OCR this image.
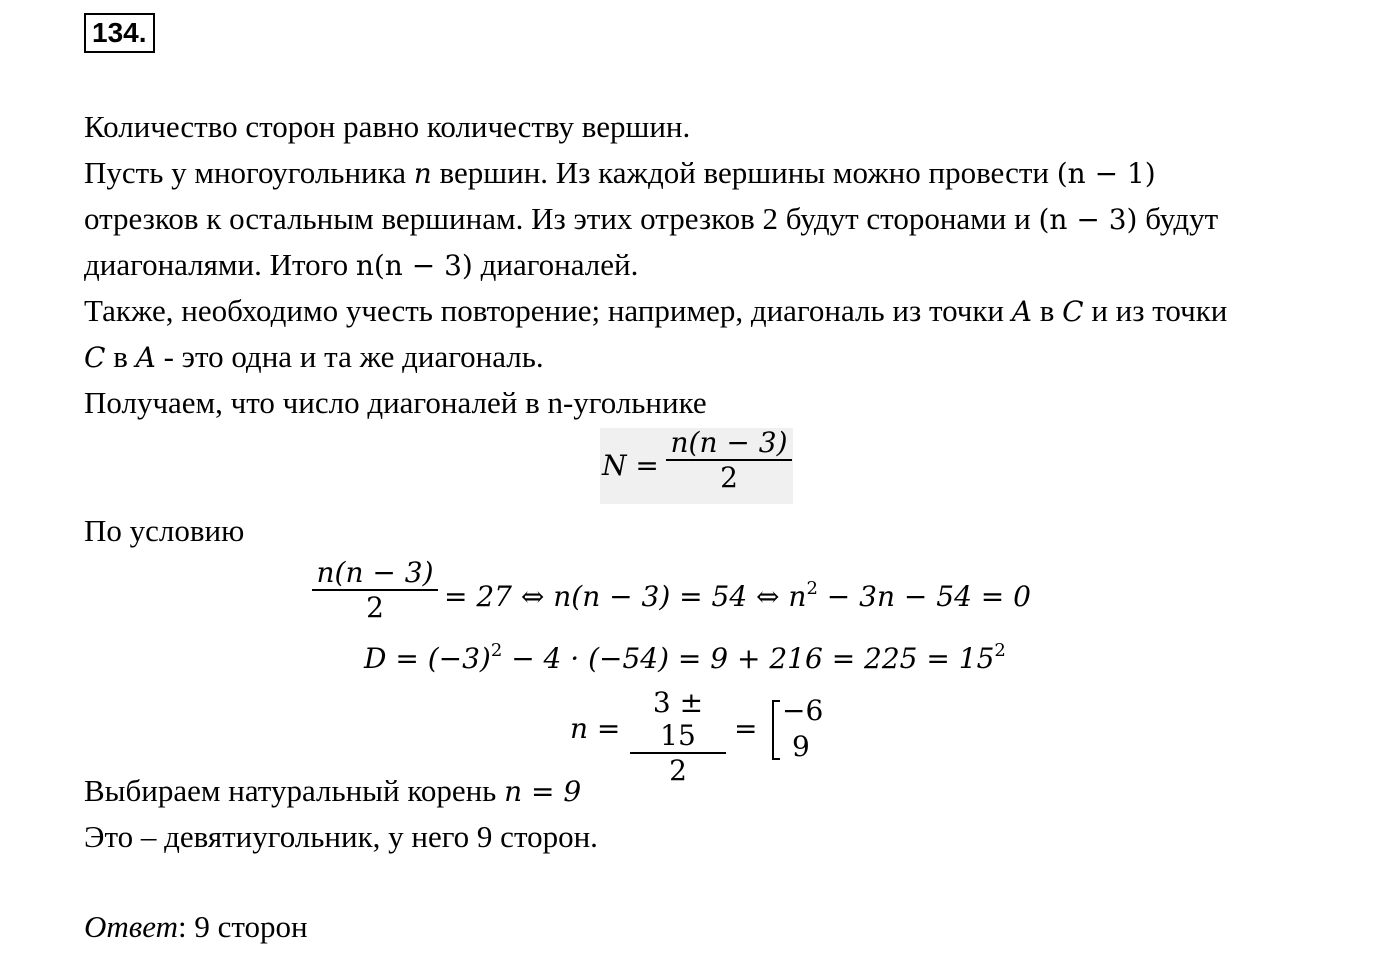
134.
Количество сторон равно количеству вершин.
Пусть у многоугольника n вершин. Из каждой вершины можно провести (n − 1)
отрезков к остальным вершинам. Из этих отрезков 2 будут сторонами и (n − 3) будут
диагоналями. Итого n(n − 3) диагоналей.
Также, необходимо учесть повторение; например, диагональ из точки A в C и из точки
C в A - это одна и та же диагональ.
Получаем, что число диагоналей в n-угольнике
N =
n(n − 3)
2
По условию
n(n − 3)
2	= 27 ⇔ n(n − 3) = 54 ⇔ $n^2 - 3n - 54 = 0$
$D = (-3)^2 - 4 \cdot (-54) = 9 + 216 = 225 = 15^2$
n =
3 ± 15
2
=
−6
9
Выбираем натуральный корень n = 9
Это – девятиугольник, у него 9 сторон.
Ответ: 9 сторон
